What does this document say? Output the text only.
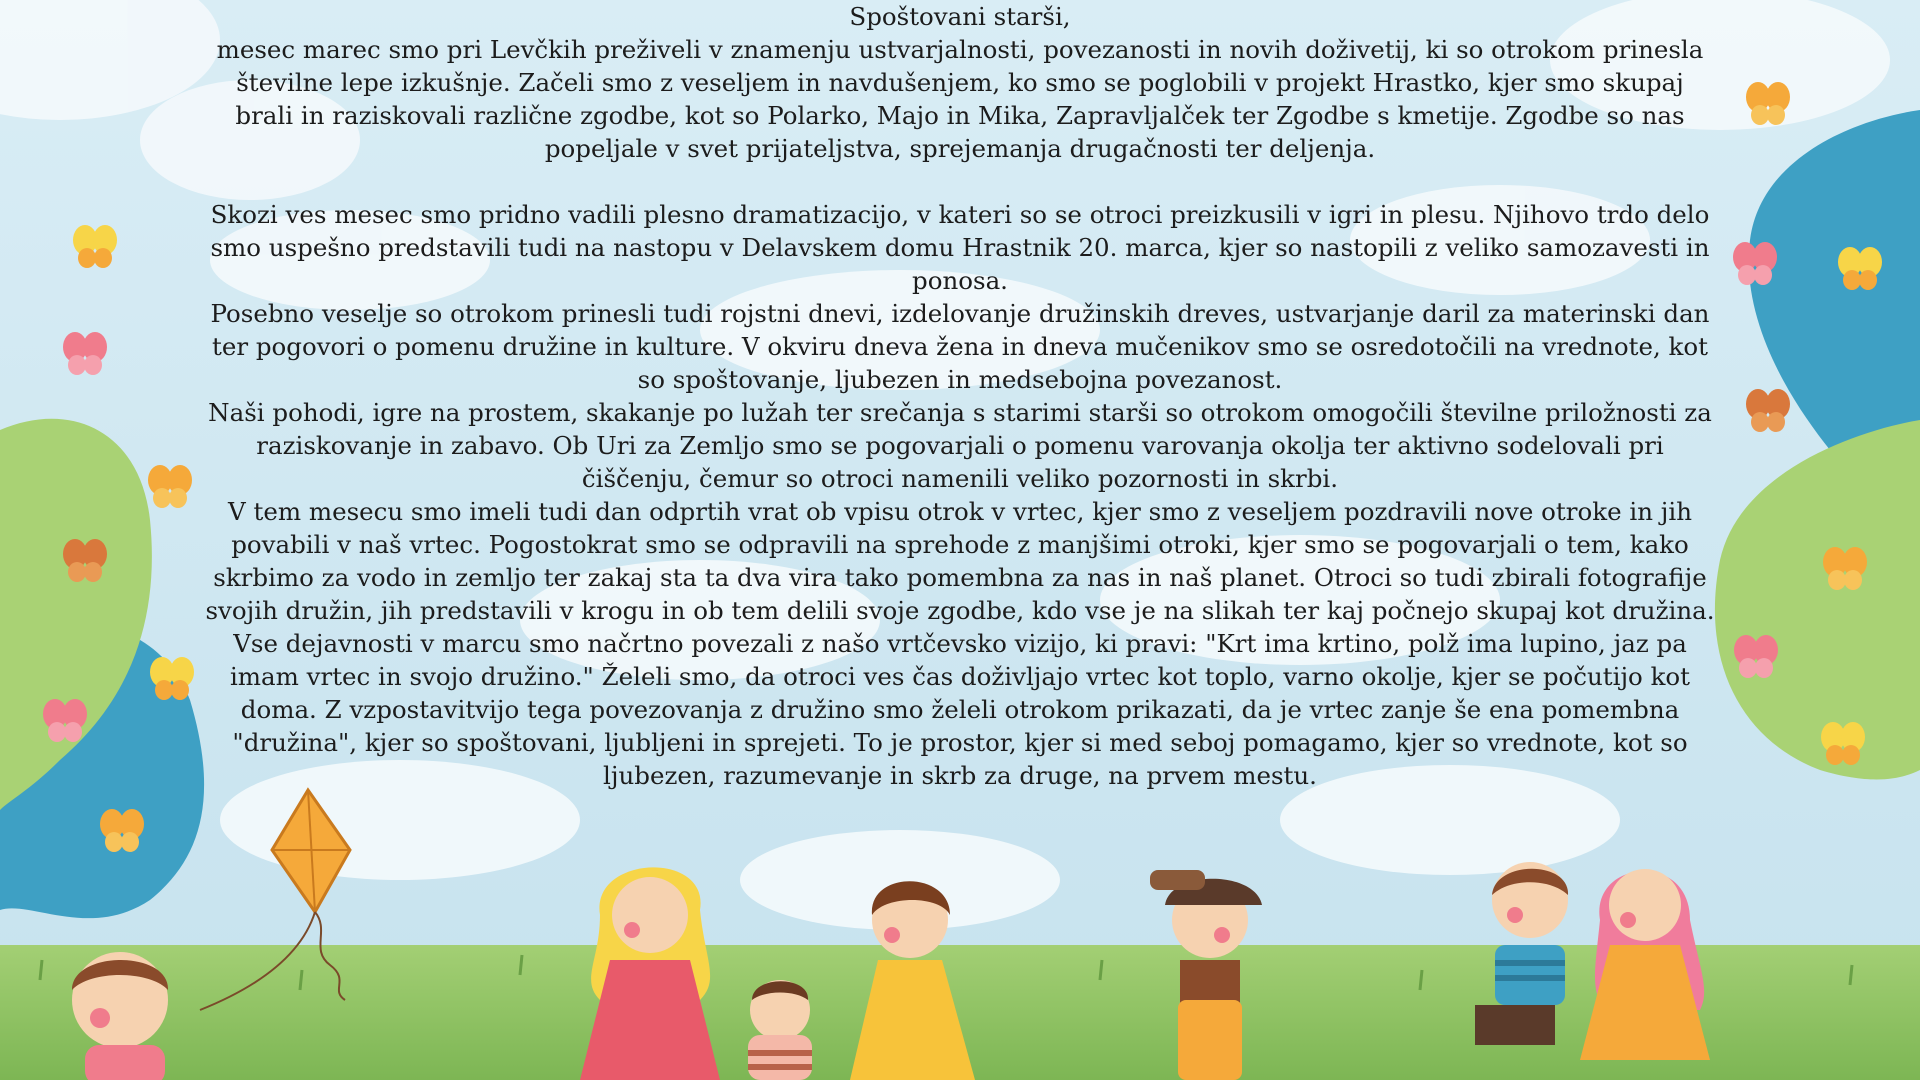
Spoštovani starši,

mesec marec smo pri Levčkih preživeli v znamenju ustvarjalnosti, povezanosti in novih doživetij, ki so otrokom prinesla številne lepe izkušnje. Začeli smo z veseljem in navdušenjem, ko smo se poglobili v projekt Hrastko, kjer smo skupaj brali in raziskovali različne zgodbe, kot so Polarko, Majo in Mika, Zapravljalček ter Zgodbe s kmetije. Zgodbe so nas popeljale v svet prijateljstva, sprejemanja drugačnosti ter deljenja.

Skozi ves mesec smo pridno vadili plesno dramatizacijo, v kateri so se otroci preizkusili v igri in plesu. Njihovo trdo delo smo uspešno predstavili tudi na nastopu v Delavskem domu Hrastnik 20. marca, kjer so nastopili z veliko samozavesti in ponosa.

Posebno veselje so otrokom prinesli tudi rojstni dnevi, izdelovanje družinskih dreves, ustvarjanje daril za materinski dan ter pogovori o pomenu družine in kulture. V okviru dneva žena in dneva mučenikov smo se osredotočili na vrednote, kot so spoštovanje, ljubezen in medsebojna povezanost.

Naši pohodi, igre na prostem, skakanje po lužah ter srečanja s starimi starši so otrokom omogočili številne priložnosti za raziskovanje in zabavo. Ob Uri za Zemljo smo se pogovarjali o pomenu varovanja okolja ter aktivno sodelovali pri čiščenju, čemur so otroci namenili veliko pozornosti in skrbi.

V tem mesecu smo imeli tudi dan odprtih vrat ob vpisu otrok v vrtec, kjer smo z veseljem pozdravili nove otroke in jih povabili v naš vrtec. Pogostokrat smo se odpravili na sprehode z manjšimi otroki, kjer smo se pogovarjali o tem, kako skrbimo za vodo in zemljo ter zakaj sta ta dva vira tako pomembna za nas in naš planet. Otroci so tudi zbirali fotografije svojih družin, jih predstavili v krogu in ob tem delili svoje zgodbe, kdo vse je na slikah ter kaj počnejo skupaj kot družina.

Vse dejavnosti v marcu smo načrtno povezali z našo vrtčevsko vizijo, ki pravi: "Krt ima krtino, polž ima lupino, jaz pa imam vrtec in svojo družino." Želeli smo, da otroci ves čas doživljajo vrtec kot toplo, varno okolje, kjer se počutijo kot doma. Z vzpostavitvijo tega povezovanja z družino smo želeli otrokom prikazati, da je vrtec zanje še ena pomembna "družina", kjer so spoštovani, ljubljeni in sprejeti. To je prostor, kjer si med seboj pomagamo, kjer so vrednote, kot so ljubezen, razumevanje in skrb za druge, na prvem mestu.
